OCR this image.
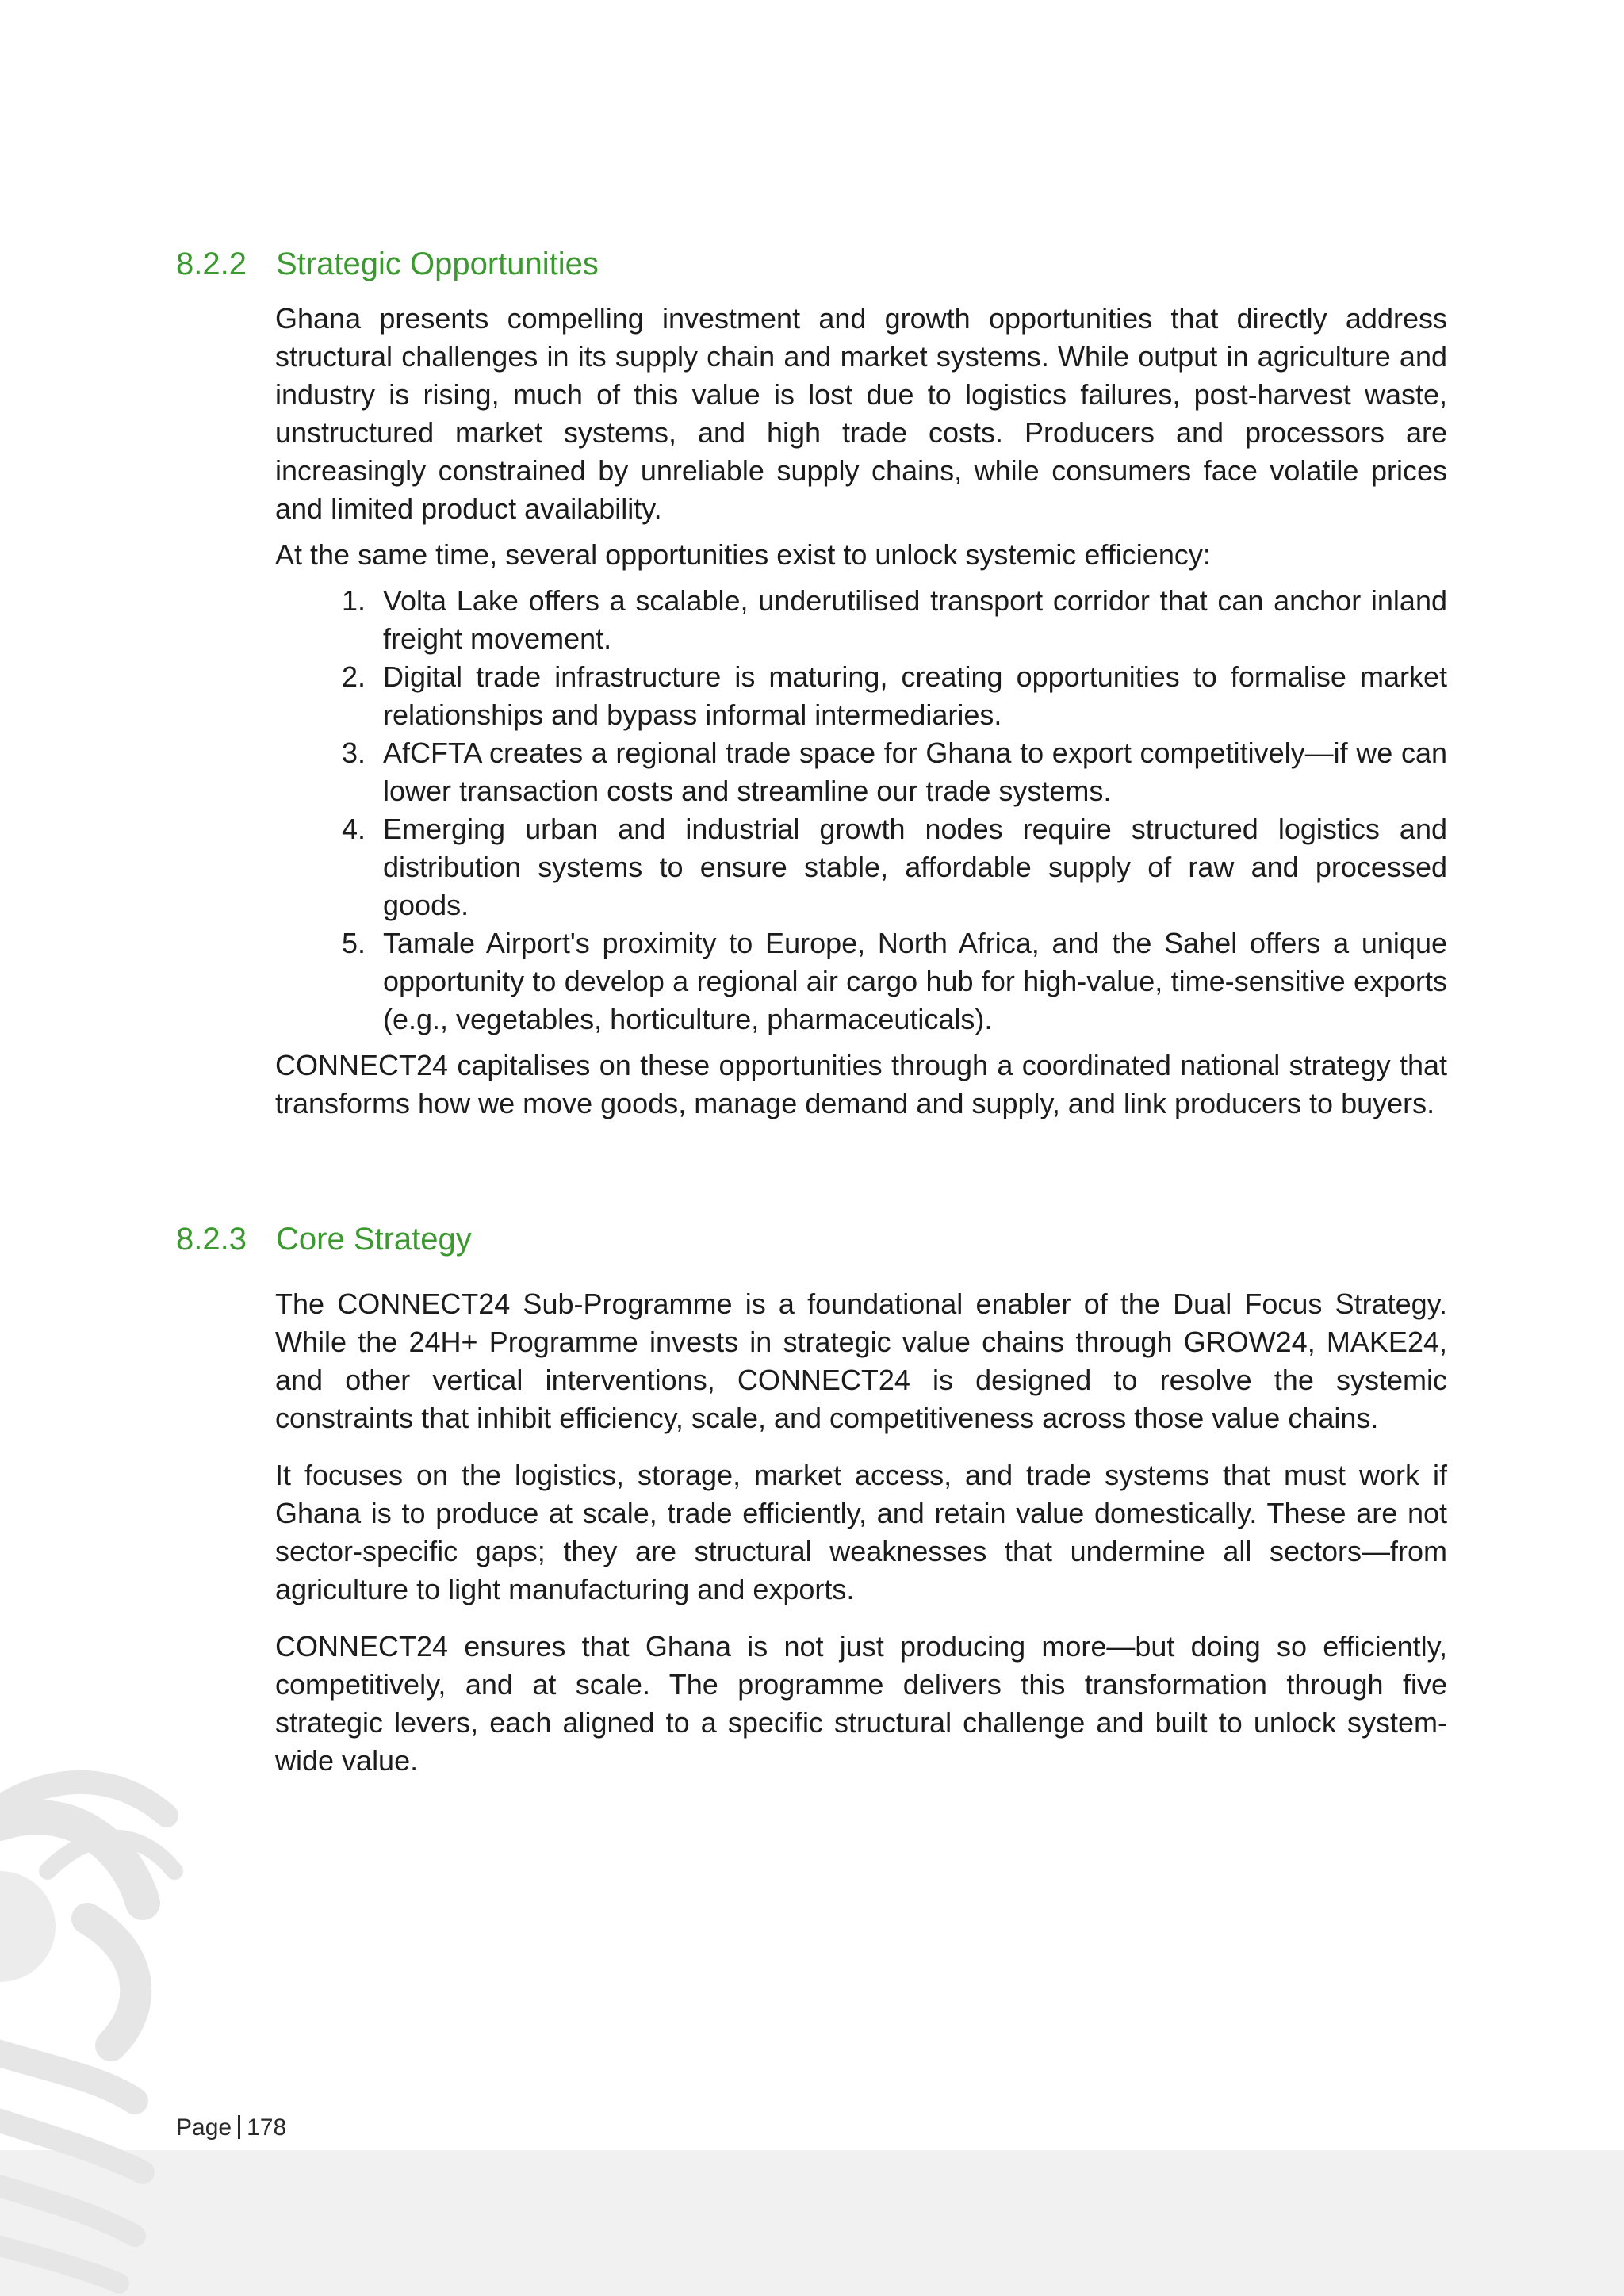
8.2.2 Strategic Opportunities

Ghana presents compelling investment and growth opportunities that directly address structural challenges in its supply chain and market systems. While output in agriculture and industry is rising, much of this value is lost due to logistics failures, post-harvest waste, unstructured market systems, and high trade costs. Producers and processors are increasingly constrained by unreliable supply chains, while consumers face volatile prices and limited product availability.

At the same time, several opportunities exist to unlock systemic efficiency:

1. Volta Lake offers a scalable, underutilised transport corridor that can anchor inland freight movement.
2. Digital trade infrastructure is maturing, creating opportunities to formalise market relationships and bypass informal intermediaries.
3. AfCFTA creates a regional trade space for Ghana to export competitively—if we can lower transaction costs and streamline our trade systems.
4. Emerging urban and industrial growth nodes require structured logistics and distribution systems to ensure stable, affordable supply of raw and processed goods.
5. Tamale Airport's proximity to Europe, North Africa, and the Sahel offers a unique opportunity to develop a regional air cargo hub for high-value, time-sensitive exports (e.g., vegetables, horticulture, pharmaceuticals).

CONNECT24 capitalises on these opportunities through a coordinated national strategy that transforms how we move goods, manage demand and supply, and link producers to buyers.

8.2.3 Core Strategy

The CONNECT24 Sub-Programme is a foundational enabler of the Dual Focus Strategy. While the 24H+ Programme invests in strategic value chains through GROW24, MAKE24, and other vertical interventions, CONNECT24 is designed to resolve the systemic constraints that inhibit efficiency, scale, and competitiveness across those value chains.

It focuses on the logistics, storage, market access, and trade systems that must work if Ghana is to produce at scale, trade efficiently, and retain value domestically. These are not sector-specific gaps; they are structural weaknesses that undermine all sectors—from agriculture to light manufacturing and exports.

CONNECT24 ensures that Ghana is not just producing more—but doing so efficiently, competitively, and at scale. The programme delivers this transformation through five strategic levers, each aligned to a specific structural challenge and built to unlock system-wide value.

Page 178
